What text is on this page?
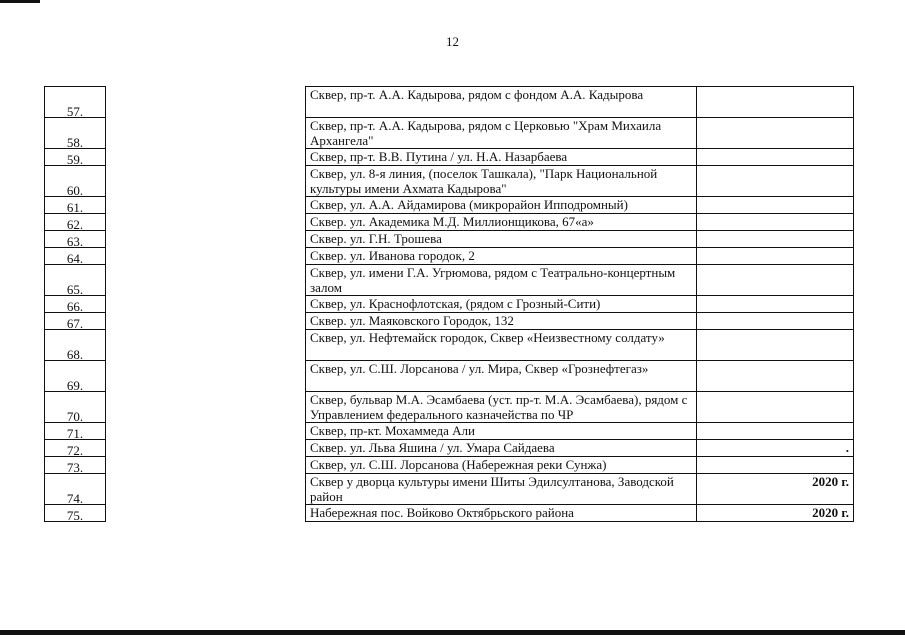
12
57.		Сквер, пр-т. А.А. Кадырова, рядом с фондом А.А. Кадырова	
58.		Сквер, пр-т. А.А. Кадырова, рядом с Церковью "Храм Михаила Архангела"	
59.		Сквер, пр-т. В.В. Путина / ул. Н.А. Назарбаева	
60.		Сквер, ул. 8-я линия, (поселок Ташкала), "Парк Национальной культуры имени Ахмата Кадырова"	
61.		Сквер, ул. А.А. Айдамирова (микрорайон Ипподромный)	
62.		Сквер. ул. Академика М.Д. Миллионщикова, 67«а»	
63.		Сквер. ул. Г.Н. Трошева	
64.		Сквер. ул. Иванова городок, 2	
65.		Сквер, ул. имени Г.А. Угрюмова, рядом с Театрально-концертным залом	
66.		Сквер, ул. Краснофлотская, (рядом с Грозный-Сити)	
67.		Сквер. ул. Маяковского Городок, 132	
68.		Сквер, ул. Нефтемайск городок, Сквер «Неизвестному солдату»	
69.		Сквер, ул. С.Ш. Лорсанова / ул. Мира, Сквер «Грознефтегаз»	
70.		Сквер, бульвар М.А. Эсамбаева (уст. пр-т. М.А. Эсамбаева), рядом с Управлением федерального казначейства по ЧР	
71.		Сквер, пр-кт. Мохаммеда Али	
72.		Сквер. ул. Льва Яшина / ул. Умара Сайдаева	.
73.		Сквер, ул. С.Ш. Лорсанова (Набережная реки Сунжа)	
74.		Сквер у дворца культуры имени Шиты Эдилсултанова, Заводской район	2020 г.
75.		Набережная пос. Войково Октябрьского района	2020 г.
